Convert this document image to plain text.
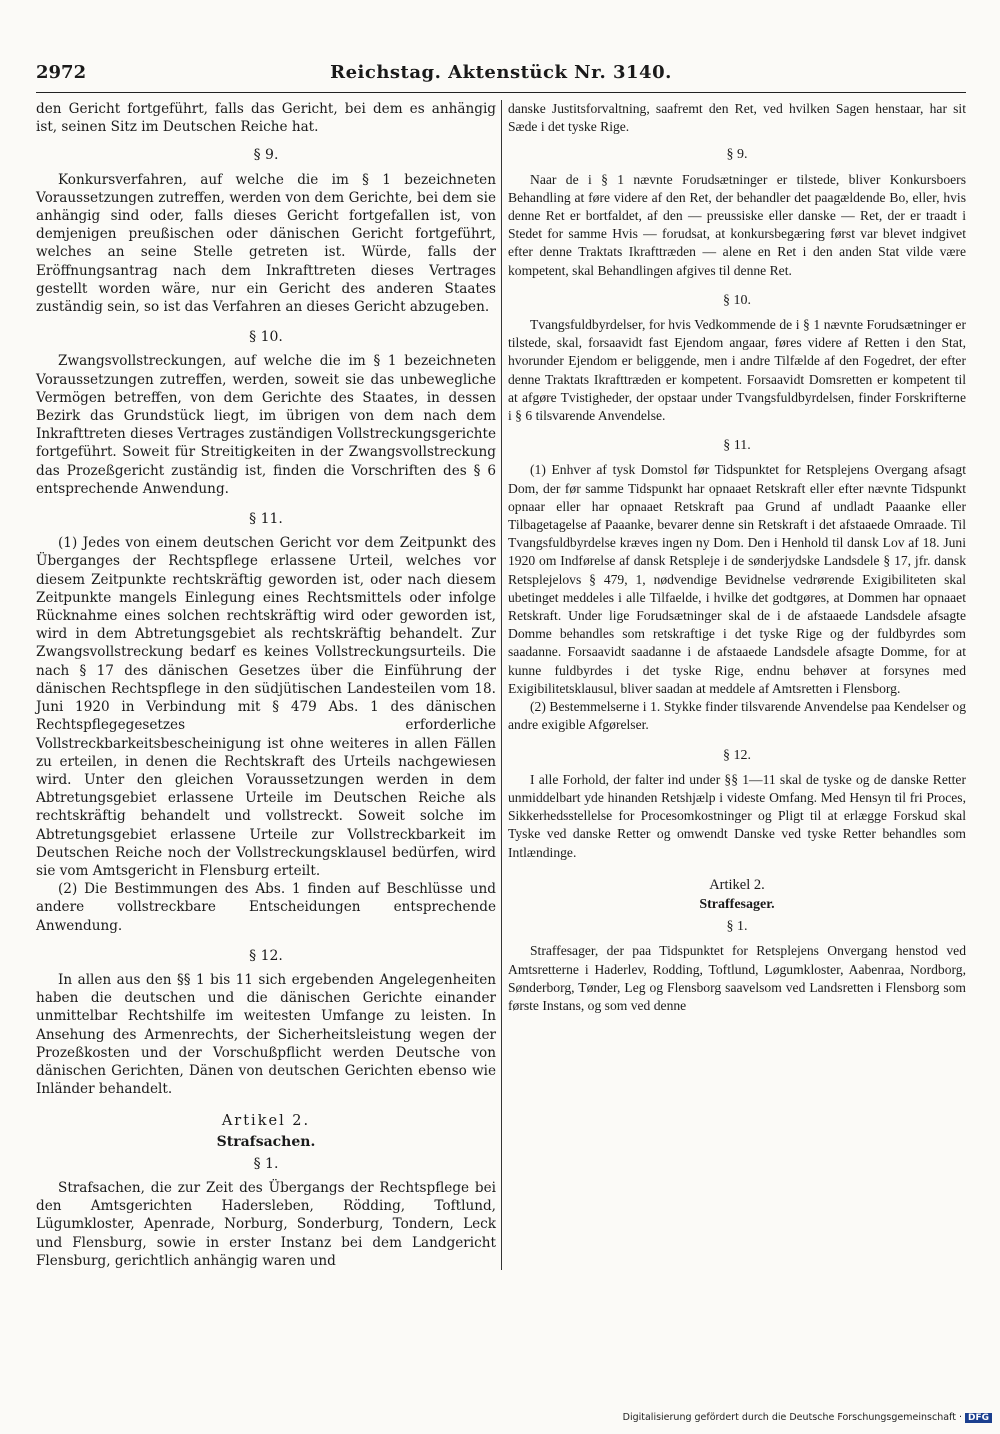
2972	Reichstag. Aktenstück Nr. 3140.

den Gericht fortgeführt, falls das Gericht, bei dem es anhängig ist, seinen Sitz im Deutschen Reiche hat.

§ 9.

Konkursverfahren, auf welche die im § 1 bezeichneten Voraussetzungen zutreffen, werden von dem Gerichte, bei dem sie anhängig sind oder, falls dieses Gericht fortgefallen ist, von demjenigen preußischen oder dänischen Gericht fortgeführt, welches an seine Stelle getreten ist. Würde, falls der Eröffnungsantrag nach dem Inkrafttreten dieses Vertrages gestellt worden wäre, nur ein Gericht des anderen Staates zuständig sein, so ist das Verfahren an dieses Gericht abzugeben.

§ 10.

Zwangsvollstreckungen, auf welche die im § 1 bezeichneten Voraussetzungen zutreffen, werden, soweit sie das unbewegliche Vermögen betreffen, von dem Gerichte des Staates, in dessen Bezirk das Grundstück liegt, im übrigen von dem nach dem Inkrafttreten dieses Vertrages zuständigen Vollstreckungsgerichte fortgeführt. Soweit für Streitigkeiten in der Zwangsvollstreckung das Prozeßgericht zuständig ist, finden die Vorschriften des § 6 entsprechende Anwendung.

§ 11.

(1) Jedes von einem deutschen Gericht vor dem Zeitpunkt des Überganges der Rechtspflege erlassene Urteil, welches vor diesem Zeitpunkte rechtskräftig geworden ist, oder nach diesem Zeitpunkte mangels Einlegung eines Rechtsmittels oder infolge Rücknahme eines solchen rechtskräftig wird oder geworden ist, wird in dem Abtretungsgebiet als rechtskräftig behandelt. Zur Zwangsvollstreckung bedarf es keines Vollstreckungsurteils. Die nach § 17 des dänischen Gesetzes über die Einführung der dänischen Rechtspflege in den südjütischen Landesteilen vom 18. Juni 1920 in Verbindung mit § 479 Abs. 1 des dänischen Rechtspflegegesetzes erforderliche Vollstreckbarkeitsbescheinigung ist ohne weiteres in allen Fällen zu erteilen, in denen die Rechtskraft des Urteils nachgewiesen wird. Unter den gleichen Voraussetzungen werden in dem Abtretungsgebiet erlassene Urteile im Deutschen Reiche als rechtskräftig behandelt und vollstreckt. Soweit solche im Abtretungsgebiet erlassene Urteile zur Vollstreckbarkeit im Deutschen Reiche noch der Vollstreckungsklausel bedürfen, wird sie vom Amtsgericht in Flensburg erteilt.

(2) Die Bestimmungen des Abs. 1 finden auf Beschlüsse und andere vollstreckbare Entscheidungen entsprechende Anwendung.

§ 12.

In allen aus den §§ 1 bis 11 sich ergebenden Angelegenheiten haben die deutschen und die dänischen Gerichte einander unmittelbar Rechtshilfe im weitesten Umfange zu leisten. In Ansehung des Armenrechts, der Sicherheitsleistung wegen der Prozeßkosten und der Vorschußpflicht werden Deutsche von dänischen Gerichten, Dänen von deutschen Gerichten ebenso wie Inländer behandelt.

Artikel 2.
Strafsachen.
§ 1.

Strafsachen, die zur Zeit des Übergangs der Rechtspflege bei den Amtsgerichten Hadersleben, Rödding, Toftlund, Lügumkloster, Apenrade, Norburg, Sonderburg, Tondern, Leck und Flensburg, sowie in erster Instanz bei dem Landgericht Flensburg, gerichtlich anhängig waren und

danske Justitsforvaltning, saafremt den Ret, ved hvilken Sagen henstaar, har sit Sæde i det tyske Rige.

§ 9.

Naar de i § 1 nævnte Forudsætninger er tilstede, bliver Konkursboers Behandling at føre videre af den Ret, der behandler det paagældende Bo, eller, hvis denne Ret er bortfaldet, af den — preussiske eller danske — Ret, der er traadt i Stedet for samme Hvis — forudsat, at konkursbegæring først var blevet indgivet efter denne Traktats Ikrafttræden — alene en Ret i den anden Stat vilde være kompetent, skal Behandlingen afgives til denne Ret.

§ 10.

Tvangsfuldbyrdelser, for hvis Vedkommende de i § 1 nævnte Forudsætninger er tilstede, skal, forsaavidt fast Ejendom angaar, føres videre af Retten i den Stat, hvorunder Ejendom er beliggende, men i andre Tilfælde af den Fogedret, der efter denne Traktats Ikrafttræden er kompetent. Forsaavidt Domsretten er kompetent til at afgøre Tvistigheder, der opstaar under Tvangsfuldbyrdelsen, finder Forskrifterne i § 6 tilsvarende Anvendelse.

§ 11.

(1) Enhver af tysk Domstol før Tidspunktet for Retsplejens Overgang afsagt Dom, der før samme Tidspunkt har opnaaet Retskraft eller efter nævnte Tidspunkt opnaar eller har opnaaet Retskraft paa Grund af undladt Paaanke eller Tilbagetagelse af Paaanke, bevarer denne sin Retskraft i det afstaaede Omraade. Til Tvangsfuldbyrdelse kræves ingen ny Dom. Den i Henhold til dansk Lov af 18. Juni 1920 om Indførelse af dansk Retspleje i de sønderjydske Landsdele § 17, jfr. dansk Retsplejelovs § 479, 1, nødvendige Bevidnelse vedrørende Exigibiliteten skal ubetinget meddeles i alle Tilfaelde, i hvilke det godtgøres, at Dommen har opnaaet Retskraft. Under lige Forudsætninger skal de i de afstaaede Landsdele afsagte Domme behandles som retskraftige i det tyske Rige og der fuldbyrdes som saadanne. Forsaavidt saadanne i de afstaaede Landsdele afsagte Domme, for at kunne fuldbyrdes i det tyske Rige, endnu behøver at forsynes med Exigibilitetsklausul, bliver saadan at meddele af Amtsretten i Flensborg.

(2) Bestemmelserne i 1. Stykke finder tilsvarende Anvendelse paa Kendelser og andre exigible Afgørelser.

§ 12.

I alle Forhold, der falter ind under §§ 1—11 skal de tyske og de danske Retter unmiddelbart yde hinanden Retshjælp i videste Omfang. Med Hensyn til fri Proces, Sikkerhedsstellelse for Procesomkostninger og Pligt til at erlægge Forskud skal Tyske ved danske Retter og omwendt Danske ved tyske Retter behandles som Intlændinge.

Artikel 2.
Straffesager.
§ 1.

Straffesager, der paa Tidspunktet for Retsplejens Onvergang henstod ved Amtsretterne i Haderlev, Rodding, Toftlund, Løgumkloster, Aabenraa, Nordborg, Sønderborg, Tønder, Leg og Flensborg saavelsom ved Landsretten i Flensborg som første Instans, og som ved denne

Digitalisierung gefördert durch die Deutsche Forschungsgemeinschaft · DFG
